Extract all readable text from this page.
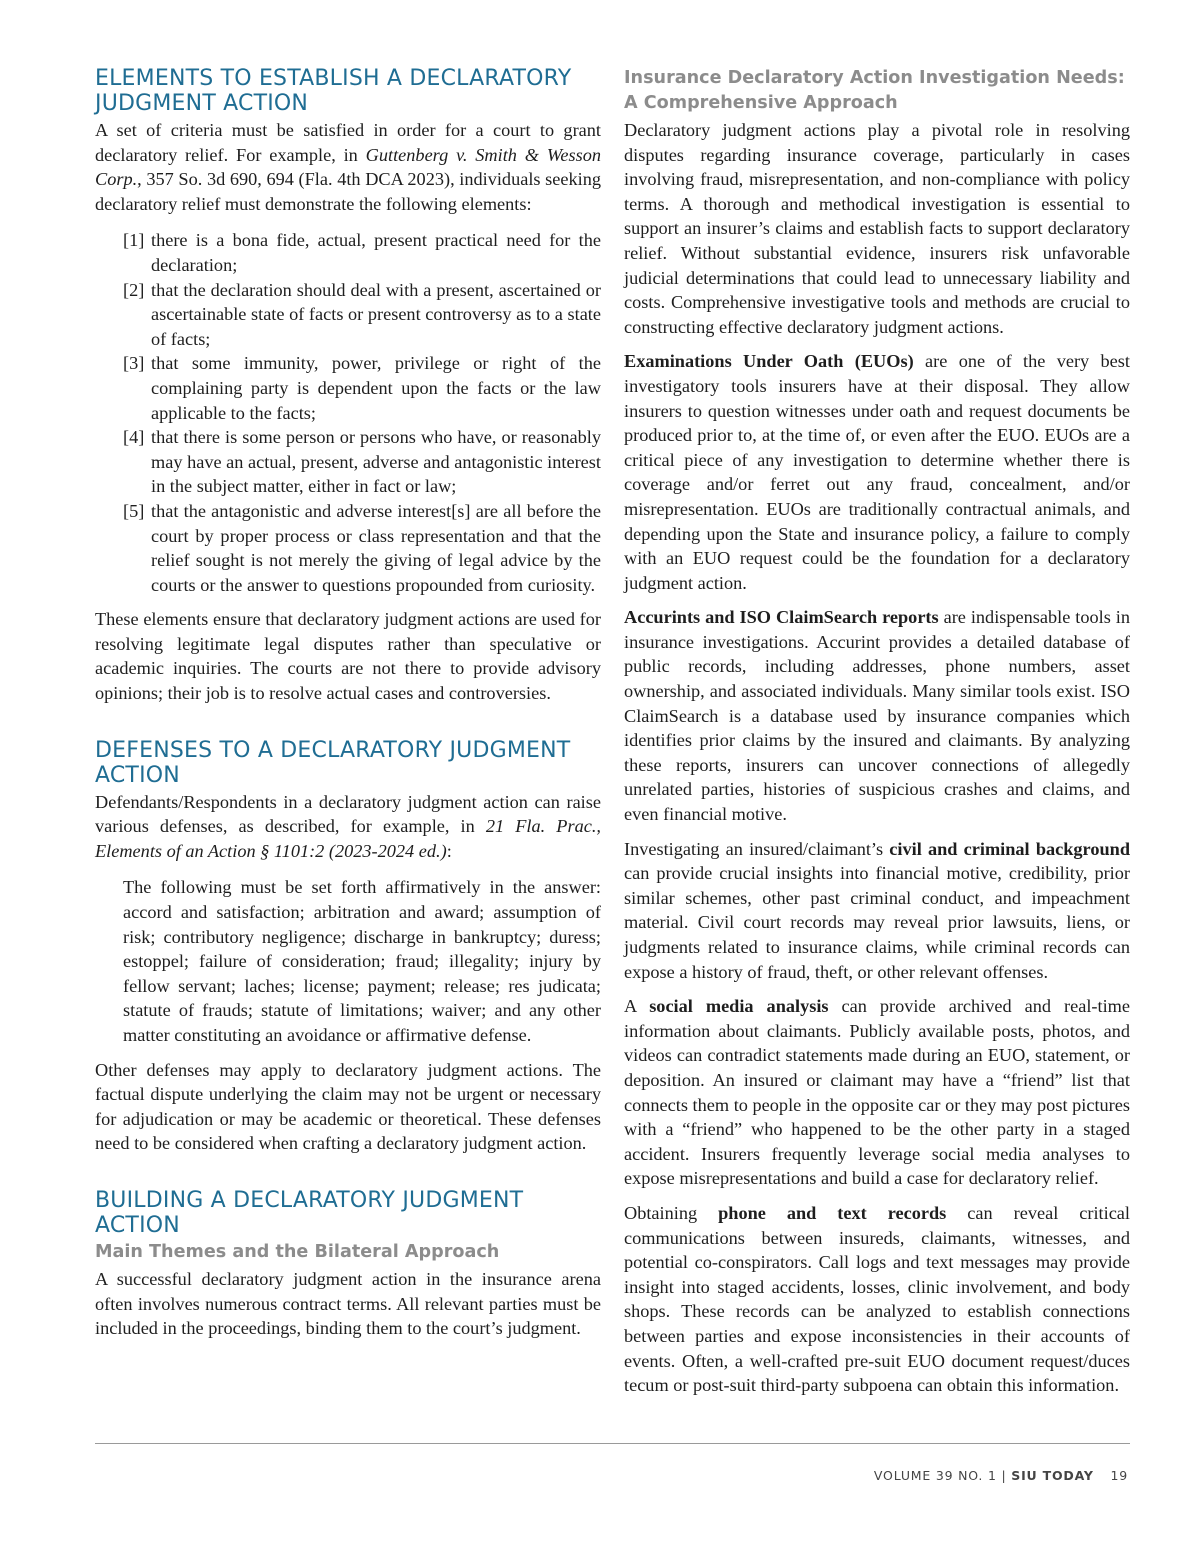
ELEMENTS TO ESTABLISH A DECLARATORY JUDGMENT ACTION

A set of criteria must be satisfied in order for a court to grant declaratory relief. For example, in Guttenberg v. Smith & Wesson Corp., 357 So. 3d 690, 694 (Fla. 4th DCA 2023), individuals seeking declaratory relief must demonstrate the following elements:

[1] there is a bona fide, actual, present practical need for the declaration;
[2] that the declaration should deal with a present, ascertained or ascertainable state of facts or present controversy as to a state of facts;
[3] that some immunity, power, privilege or right of the complaining party is dependent upon the facts or the law applicable to the facts;
[4] that there is some person or persons who have, or reasonably may have an actual, present, adverse and antagonistic interest in the subject matter, either in fact or law;
[5] that the antagonistic and adverse interest[s] are all before the court by proper process or class representation and that the relief sought is not merely the giving of legal advice by the courts or the answer to questions propounded from curiosity.

These elements ensure that declaratory judgment actions are used for resolving legitimate legal disputes rather than speculative or academic inquiries. The courts are not there to provide advisory opinions; their job is to resolve actual cases and controversies.

DEFENSES TO A DECLARATORY JUDGMENT ACTION

Defendants/Respondents in a declaratory judgment action can raise various defenses, as described, for example, in 21 Fla. Prac., Elements of an Action § 1101:2 (2023-2024 ed.):

The following must be set forth affirmatively in the answer: accord and satisfaction; arbitration and award; assumption of risk; contributory negligence; discharge in bankruptcy; duress; estoppel; failure of consideration; fraud; illegality; injury by fellow servant; laches; license; payment; release; res judicata; statute of frauds; statute of limitations; waiver; and any other matter constituting an avoidance or affirmative defense.

Other defenses may apply to declaratory judgment actions. The factual dispute underlying the claim may not be urgent or necessary for adjudication or may be academic or theoretical. These defenses need to be considered when crafting a declaratory judgment action.

BUILDING A DECLARATORY JUDGMENT ACTION
Main Themes and the Bilateral Approach

A successful declaratory judgment action in the insurance arena often involves numerous contract terms. All relevant parties must be included in the proceedings, binding them to the court’s judgment.

Insurance Declaratory Action Investigation Needs: A Comprehensive Approach

Declaratory judgment actions play a pivotal role in resolving disputes regarding insurance coverage, particularly in cases involving fraud, misrepresentation, and non-compliance with policy terms. A thorough and methodical investigation is essential to support an insurer’s claims and establish facts to support declaratory relief. Without substantial evidence, insurers risk unfavorable judicial determinations that could lead to unnecessary liability and costs. Comprehensive investigative tools and methods are crucial to constructing effective declaratory judgment actions.

Examinations Under Oath (EUOs) are one of the very best investigatory tools insurers have at their disposal. They allow insurers to question witnesses under oath and request documents be produced prior to, at the time of, or even after the EUO. EUOs are a critical piece of any investigation to determine whether there is coverage and/or ferret out any fraud, concealment, and/or misrepresentation. EUOs are traditionally contractual animals, and depending upon the State and insurance policy, a failure to comply with an EUO request could be the foundation for a declaratory judgment action.

Accurints and ISO ClaimSearch reports are indispensable tools in insurance investigations. Accurint provides a detailed database of public records, including addresses, phone numbers, asset ownership, and associated individuals. Many similar tools exist. ISO ClaimSearch is a database used by insurance companies which identifies prior claims by the insured and claimants. By analyzing these reports, insurers can uncover connections of allegedly unrelated parties, histories of suspicious crashes and claims, and even financial motive.

Investigating an insured/claimant’s civil and criminal background can provide crucial insights into financial motive, credibility, prior similar schemes, other past criminal conduct, and impeachment material. Civil court records may reveal prior lawsuits, liens, or judgments related to insurance claims, while criminal records can expose a history of fraud, theft, or other relevant offenses.

A social media analysis can provide archived and real-time information about claimants. Publicly available posts, photos, and videos can contradict statements made during an EUO, statement, or deposition. An insured or claimant may have a “friend” list that connects them to people in the opposite car or they may post pictures with a “friend” who happened to be the other party in a staged accident. Insurers frequently leverage social media analyses to expose misrepresentations and build a case for declaratory relief.

Obtaining phone and text records can reveal critical communications between insureds, claimants, witnesses, and potential co-conspirators. Call logs and text messages may provide insight into staged accidents, losses, clinic involvement, and body shops. These records can be analyzed to establish connections between parties and expose inconsistencies in their accounts of events. Often, a well-crafted pre-suit EUO document request/duces tecum or post-suit third-party subpoena can obtain this information.

VOLUME 39 NO. 1 | SIU TODAY 19
